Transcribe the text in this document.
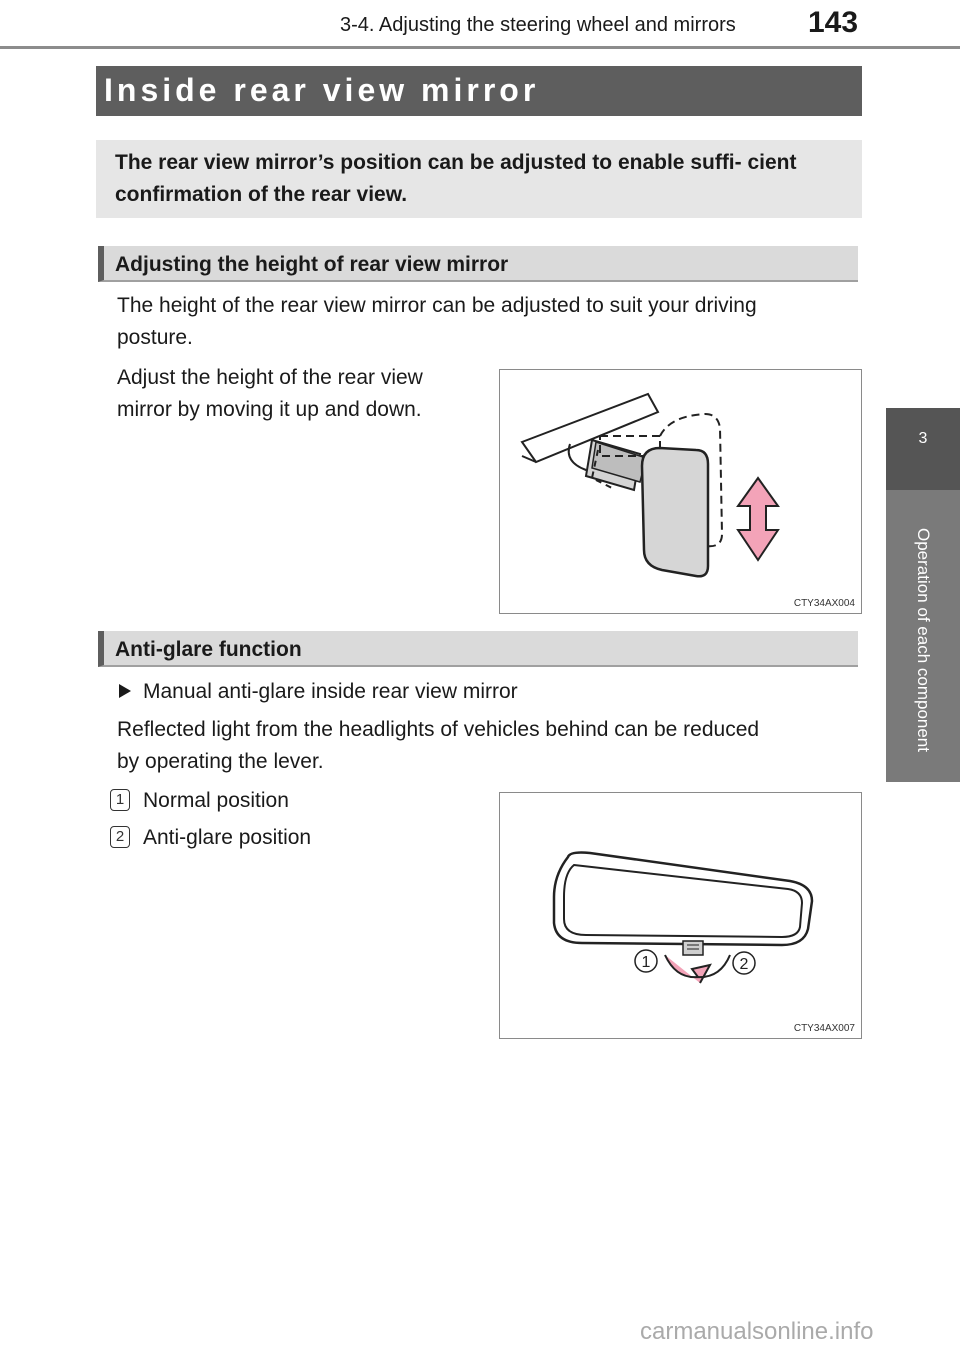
3-4. Adjusting the steering wheel and mirrors 143
3
Operation of each component
Inside rear view mirror
The rear view mirror’s position can be adjusted to enable suffi- cient confirmation of the rear view.
Adjusting the height of rear view mirror
The height of the rear view mirror can be adjusted to suit your driving
posture.
Adjust the height of the rear view
mirror by moving it up and down.
CTY34AX004
Anti-glare function
Manual anti-glare inside rear view mirror
Reflected light from the headlights of vehicles behind can be reduced
by operating the lever.
1 Normal position
2 Anti-glare position
1	2
CTY34AX007
carmanualsonline.info
